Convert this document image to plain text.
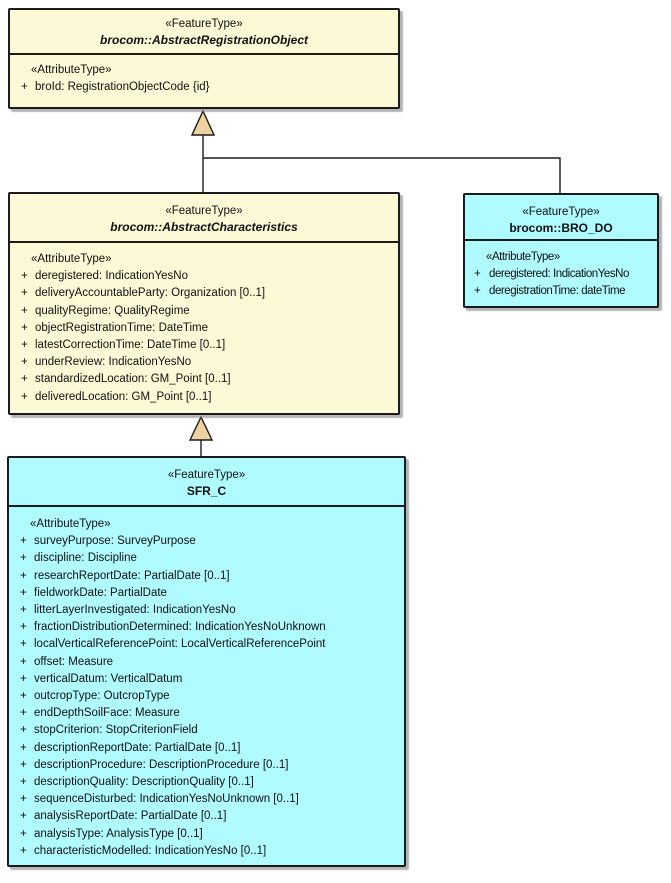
«FeatureType»
brocom::AbstractRegistrationObject
«AttributeType»
+ broId: RegistrationObjectCode {id}
«FeatureType»
brocom::AbstractCharacteristics
«AttributeType»
+ deregistered: IndicationYesNo
+ deliveryAccountableParty: Organization [0..1]
+ qualityRegime: QualityRegime
+ objectRegistrationTime: DateTime
+ latestCorrectionTime: DateTime [0..1]
+ underReview: IndicationYesNo
+ standardizedLocation: GM_Point [0..1]
+ deliveredLocation: GM_Point [0..1]
«FeatureType»
brocom::BRO_DO
«AttributeType»
+ deregistered: IndicationYesNo
+ deregistrationTime: dateTime
«FeatureType»
SFR_C
«AttributeType»
+ surveyPurpose: SurveyPurpose
+ discipline: Discipline
+ researchReportDate: PartialDate [0..1]
+ fieldworkDate: PartialDate
+ litterLayerInvestigated: IndicationYesNo
+ fractionDistributionDetermined: IndicationYesNoUnknown
+ localVerticalReferencePoint: LocalVerticalReferencePoint
+ offset: Measure
+ verticalDatum: VerticalDatum
+ outcropType: OutcropType
+ endDepthSoilFace: Measure
+ stopCriterion: StopCriterionField
+ descriptionReportDate: PartialDate [0..1]
+ descriptionProcedure: DescriptionProcedure [0..1]
+ descriptionQuality: DescriptionQuality [0..1]
+ sequenceDisturbed: IndicationYesNoUnknown [0..1]
+ analysisReportDate: PartialDate [0..1]
+ analysisType: AnalysisType [0..1]
+ characteristicModelled: IndicationYesNo [0..1]
